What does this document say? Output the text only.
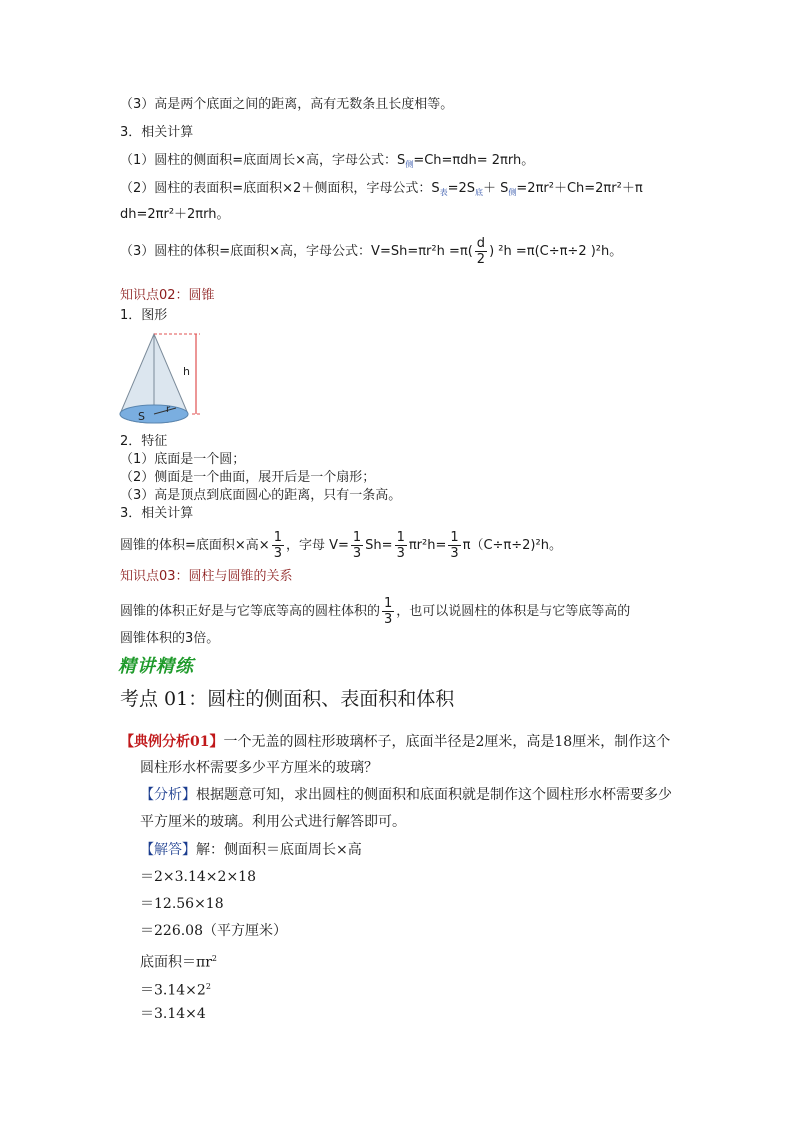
（3）高是两个底面之间的距离，高有无数条且长度相等。
3．相关计算
（1）圆柱的侧面积=底面周长×高，字母公式：$S_侧=Ch=\pi dh= 2\pi rh$。
（2）圆柱的表面积=底面积×2＋侧面积，字母公式：$S_表=2S_底+ S_侧=2\pi r^2+Ch=2\pi r^2+\pi$
dh=2πr²＋2πrh。
（3）圆柱的体积=底面积×高，字母公式：$V=Sh=\pi r^2h =\pi( \frac{d}{2}$ ) ²h =π(C÷π÷2 )²h。
知识点02：圆锥
1．图形
h
r
S
2．特征
（1）底面是一个圆；
（2）侧面是一个曲面，展开后是一个扇形；
（3）高是顶点到底面圆心的距离，只有一条高。
3．相关计算
圆锥的体积=底面积×高× $\frac{1}{3}$ ，字母 $V= \frac{1}{3} Sh= \frac{1}{3} \pi r^2h= \frac{1}{3} \pi(C\div\pi\div 2)^2h$。
知识点03：圆柱与圆锥的关系
圆锥的体积正好是与它等底等高的圆柱体积的 $\frac{1}{3}$ ，也可以说圆柱的体积是与它等底等高的
圆锥体积的3倍。
精讲精练
考点 01：圆柱的侧面积、表面积和体积
【典例分析01】一个无盖的圆柱形玻璃杯子，底面半径是2厘米，高是18厘米，制作这个
圆柱形水杯需要多少平方厘米的玻璃？
【分析】根据题意可知，求出圆柱的侧面积和底面积就是制作这个圆柱形水杯需要多少
平方厘米的玻璃。利用公式进行解答即可。
【解答】解：侧面积＝底面周长×高
＝2×3.14×2×18
＝12.56×18
＝226.08（平方厘米）
底面积$=\pi r^2$
$=3.14\times 2^2$
＝3.14×4
